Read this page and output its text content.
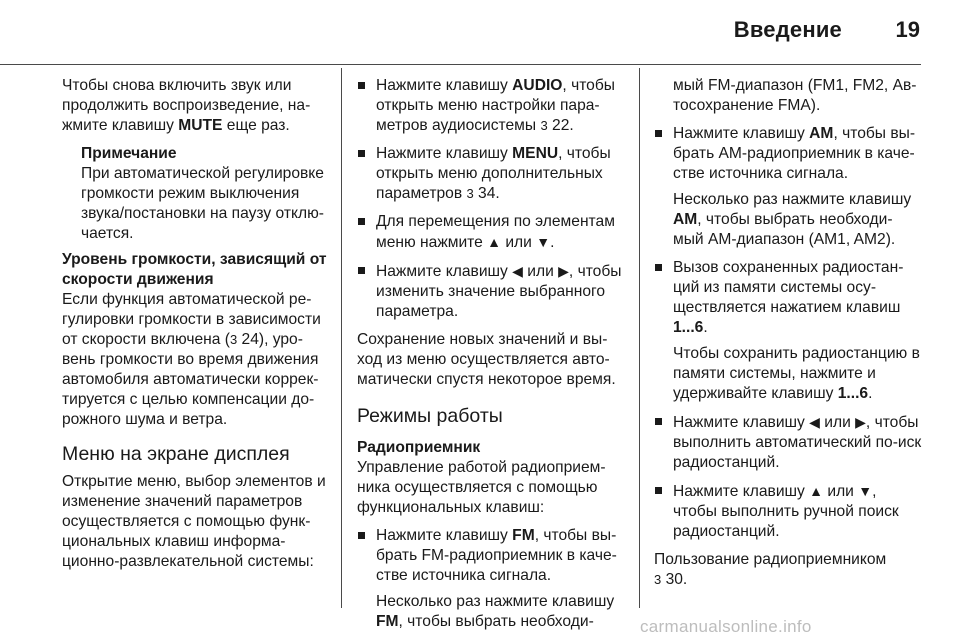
Введение	19

Чтобы снова включить звук или продолжить воспроизведение, на-жмите клавишу MUTE еще раз.

Примечание
При автоматической регулировке громкости режим выключения звука/постановки на паузу отклю-чается.
Уровень громкости, зависящий от скорости движения

Если функция автоматической ре-гулировки громкости в зависимости от скорости включена (3 24), уро-вень громкости во время движения автомобиля автоматически коррек-тируется с целью компенсации до-рожного шума и ветра.

Меню на экране дисплея

Открытие меню, выбор элементов и изменение значений параметров осуществляется с помощью функ-циональных клавиш информа-ционно-развлекательной системы:

Нажмите клавишу AUDIO, чтобы открыть меню настройки пара-метров аудиосистемы 3 22.
Нажмите клавишу MENU, чтобы открыть меню дополнительных параметров 3 34.
Для перемещения по элементам меню нажмите ▲ или ▼.
Нажмите клавишу ◀ или ▶, чтобы изменить значение выбранного параметра.

Сохранение новых значений и вы-ход из меню осуществляется авто-матически спустя некоторое время.

Режимы работы
Радиоприемник

Управление работой радиоприем-ника осуществляется с помощью функциональных клавиш:

Нажмите клавишу FM, чтобы вы-брать FM-радиоприемник в каче-стве источника сигнала.
Несколько раз нажмите клавишу FM, чтобы выбрать необходи-

мый FM-диапазон (FM1, FM2, Ав-тосохранение FMA).

Нажмите клавишу AM, чтобы вы-брать AM-радиоприемник в каче-стве источника сигнала.
Несколько раз нажмите клавишу AM, чтобы выбрать необходи-мый AM-диапазон (AM1, AM2).
Вызов сохраненных радиостан-ций из памяти системы осу-ществляется нажатием клавиш 1...6.
Чтобы сохранить радиостанцию в памяти системы, нажмите и удерживайте клавишу 1...6.
Нажмите клавишу ◀ или ▶, чтобы выполнить автоматический по-иск радиостанций.
Нажмите клавишу ▲ или ▼, чтобы выполнить ручной поиск радиостанций.

Пользование радиоприемником
3 30.

carmanualsonline.info
